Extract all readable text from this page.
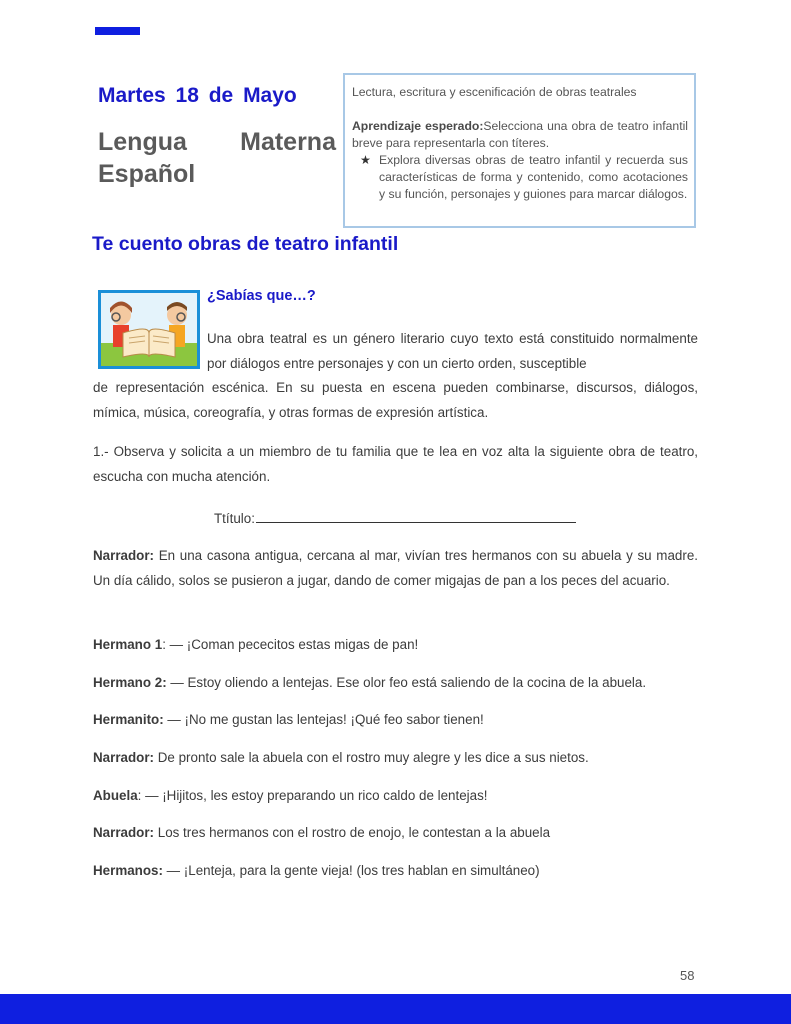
Martes 18 de Mayo
Lengua Materna
Español
Lectura, escritura y escenificación de obras teatrales
Aprendizaje esperado:Selecciona una obra de teatro infantil breve para representarla con títeres.
★ Explora diversas obras de teatro infantil y recuerda sus características de forma y contenido, como acotaciones y su función, personajes y guiones para marcar diálogos.
Te cuento obras de teatro infantil
¿Sabías que…?
Una obra teatral es un género literario cuyo texto está constituido normalmente por diálogos entre personajes y con un cierto orden, susceptible
de representación escénica. En su puesta en escena pueden combinarse, discursos, diálogos, mímica, música, coreografía, y otras formas de expresión artística.
1.- Observa y solicita a un miembro de tu familia que te lea en voz alta la siguiente obra de teatro, escucha con mucha atención.
Ttítulo:
Narrador: En una casona antigua, cercana al mar, vivían tres hermanos con su abuela y su madre. Un día cálido, solos se pusieron a jugar, dando de comer migajas de pan a los peces del acuario.
Hermano 1: — ¡Coman pececitos estas migas de pan!
Hermano 2: — Estoy oliendo a lentejas. Ese olor feo está saliendo de la cocina de la abuela.
Hermanito: — ¡No me gustan las lentejas! ¡Qué feo sabor tienen!
Narrador: De pronto sale la abuela con el rostro muy alegre y les dice a sus nietos.
Abuela: — ¡Hijitos, les estoy preparando un rico caldo de lentejas!
Narrador: Los tres hermanos con el rostro de enojo, le contestan a la abuela
Hermanos: — ¡Lenteja, para la gente vieja! (los tres hablan en simultáneo)
58
